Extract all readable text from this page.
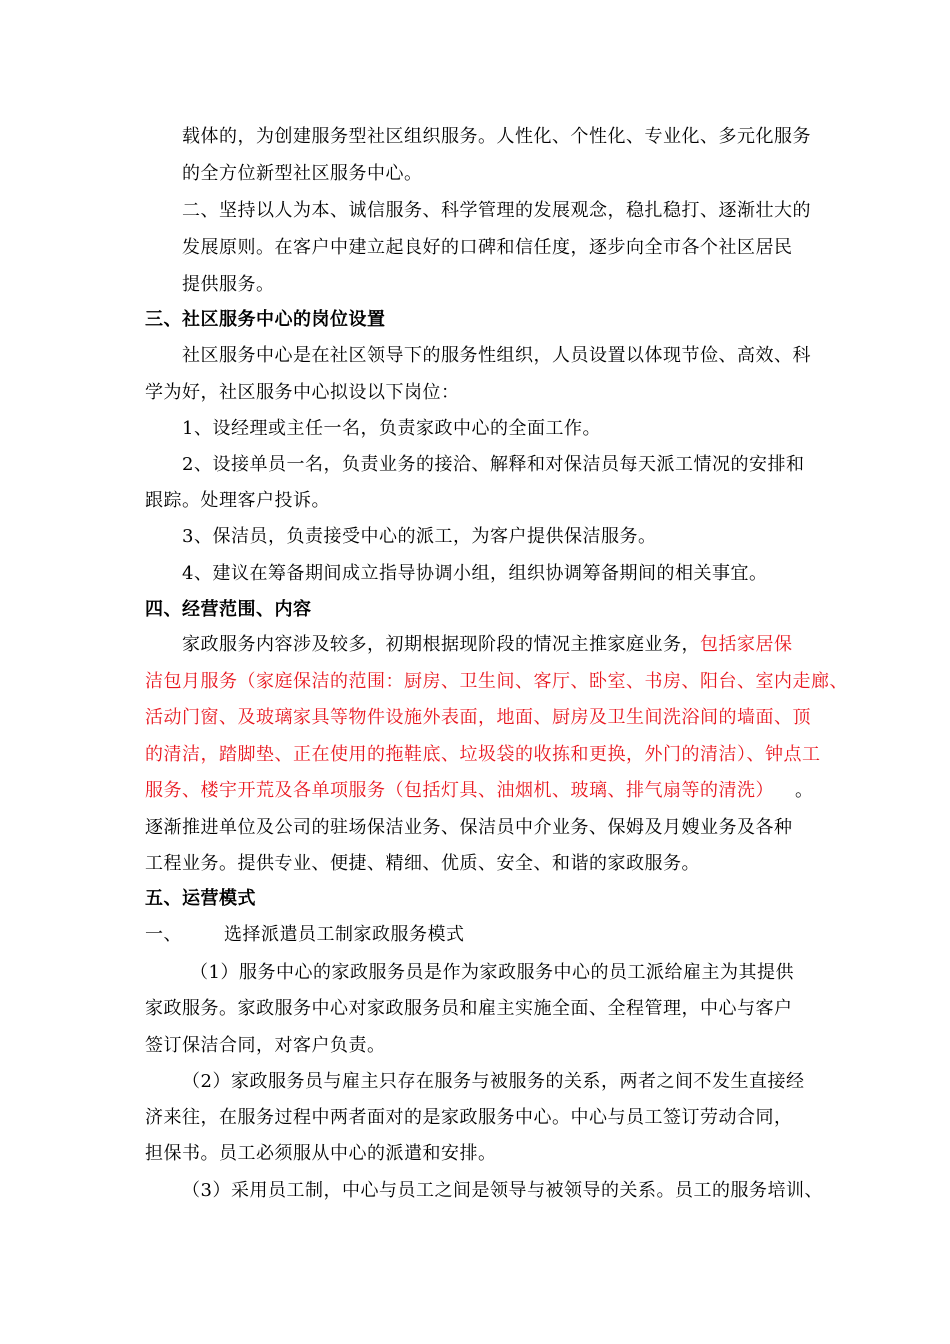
载体的，为创建服务型社区组织服务。人性化、个性化、专业化、多元化服务
的全方位新型社区服务中心。
二、坚持以人为本、诚信服务、科学管理的发展观念，稳扎稳打、逐渐壮大的
发展原则。在客户中建立起良好的口碑和信任度，逐步向全市各个社区居民
提供服务。
三、社区服务中心的岗位设置
社区服务中心是在社区领导下的服务性组织，人员设置以体现节俭、高效、科
学为好，社区服务中心拟设以下岗位：
1、设经理或主任一名，负责家政中心的全面工作。
2、设接单员一名，负责业务的接洽、解释和对保洁员每天派工情况的安排和
跟踪。处理客户投诉。
3、保洁员，负责接受中心的派工，为客户提供保洁服务。
4、建议在筹备期间成立指导协调小组，组织协调筹备期间的相关事宜。
四、经营范围、内容
家政服务内容涉及较多，初期根据现阶段的情况主推家庭业务，包括家居保
洁包月服务（家庭保洁的范围：厨房、卫生间、客厅、卧室、书房、阳台、室内走廊、
活动门窗、及玻璃家具等物件设施外表面，地面、厨房及卫生间洗浴间的墙面、顶
的清洁，踏脚垫、正在使用的拖鞋底、垃圾袋的收拣和更换，外门的清洁）、钟点工
服务、楼宇开荒及各单项服务（包括灯具、油烟机、玻璃、排气扇等的清洗） 。
逐渐推进单位及公司的驻场保洁业务、保洁员中介业务、保姆及月嫂业务及各种
工程业务。提供专业、便捷、精细、优质、安全、和谐的家政服务。
五、运营模式
一、 选择派遣员工制家政服务模式
（1）服务中心的家政服务员是作为家政服务中心的员工派给雇主为其提供
家政服务。家政服务中心对家政服务员和雇主实施全面、全程管理，中心与客户
签订保洁合同，对客户负责。
（2）家政服务员与雇主只存在服务与被服务的关系，两者之间不发生直接经
济来往，在服务过程中两者面对的是家政服务中心。中心与员工签订劳动合同，
担保书。员工必须服从中心的派遣和安排。
（3）采用员工制，中心与员工之间是领导与被领导的关系。员工的服务培训、
